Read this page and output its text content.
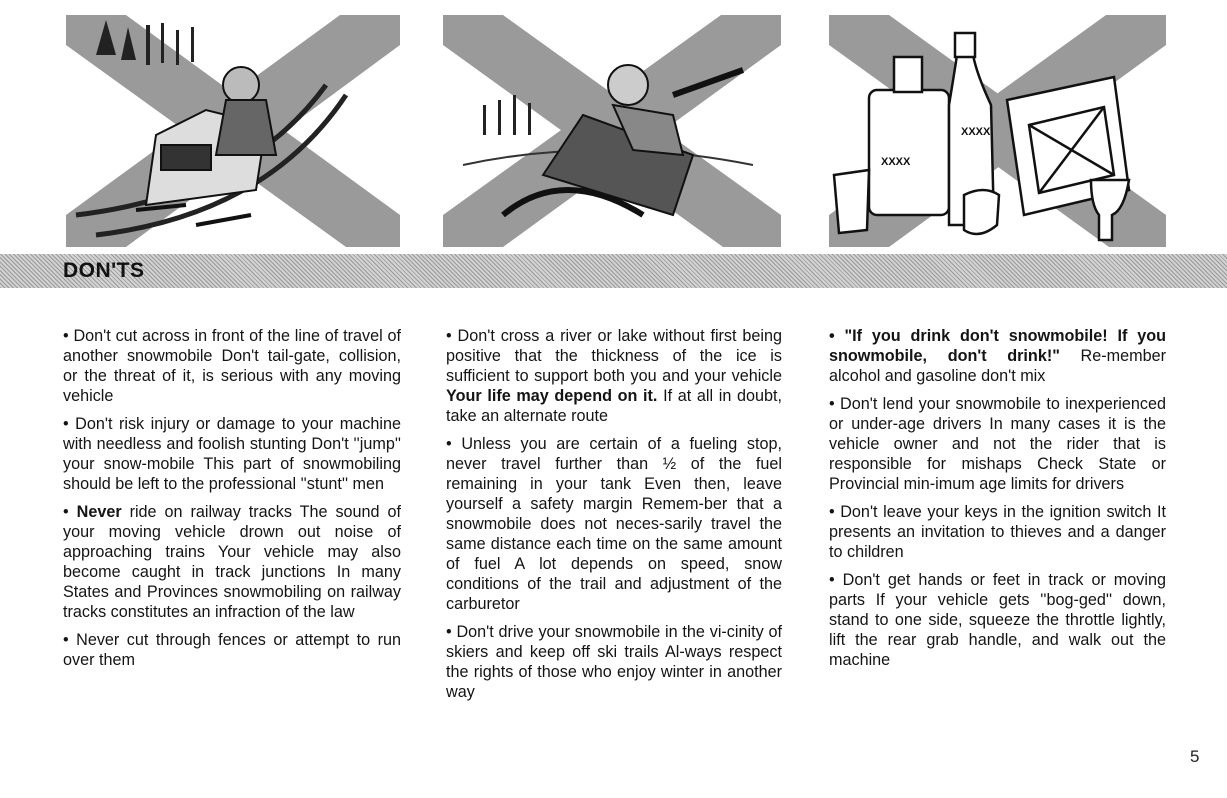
XXXX
XXXX
DON'TS

• Don't cut across in front of the line of travel of another snowmobile Don't tail-gate, collision, or the threat of it, is serious with any moving vehicle

• Don't risk injury or damage to your machine with needless and foolish stunting Don't ''jump'' your snow-mobile This part of snowmobiling should be left to the professional ''stunt'' men

• Never ride on railway tracks The sound of your moving vehicle drown out noise of approaching trains Your vehicle may also become caught in track junctions In many States and Provinces snowmobiling on railway tracks constitutes an infraction of the law

• Never cut through fences or attempt to run over them

• Don't cross a river or lake without first being positive that the thickness of the ice is sufficient to support both you and your vehicle Your life may depend on it. If at all in doubt, take an alternate route

• Unless you are certain of a fueling stop, never travel further than ½ of the fuel remaining in your tank Even then, leave yourself a safety margin Remem-ber that a snowmobile does not neces-sarily travel the same distance each time on the same amount of fuel A lot depends on speed, snow conditions of the trail and adjustment of the carburetor

• Don't drive your snowmobile in the vi-cinity of skiers and keep off ski trails Al-ways respect the rights of those who enjoy winter in another way

• "If you drink don't snowmobile! If you snowmobile, don't drink!" Re-member alcohol and gasoline don't mix

• Don't lend your snowmobile to inexperienced or under-age drivers In many cases it is the vehicle owner and not the rider that is responsible for mishaps Check State or Provincial min-imum age limits for drivers

• Don't leave your keys in the ignition switch It presents an invitation to thieves and a danger to children

• Don't get hands or feet in track or moving parts If your vehicle gets ''bog-ged'' down, stand to one side, squeeze the throttle lightly, lift the rear grab handle, and walk out the machine

5
